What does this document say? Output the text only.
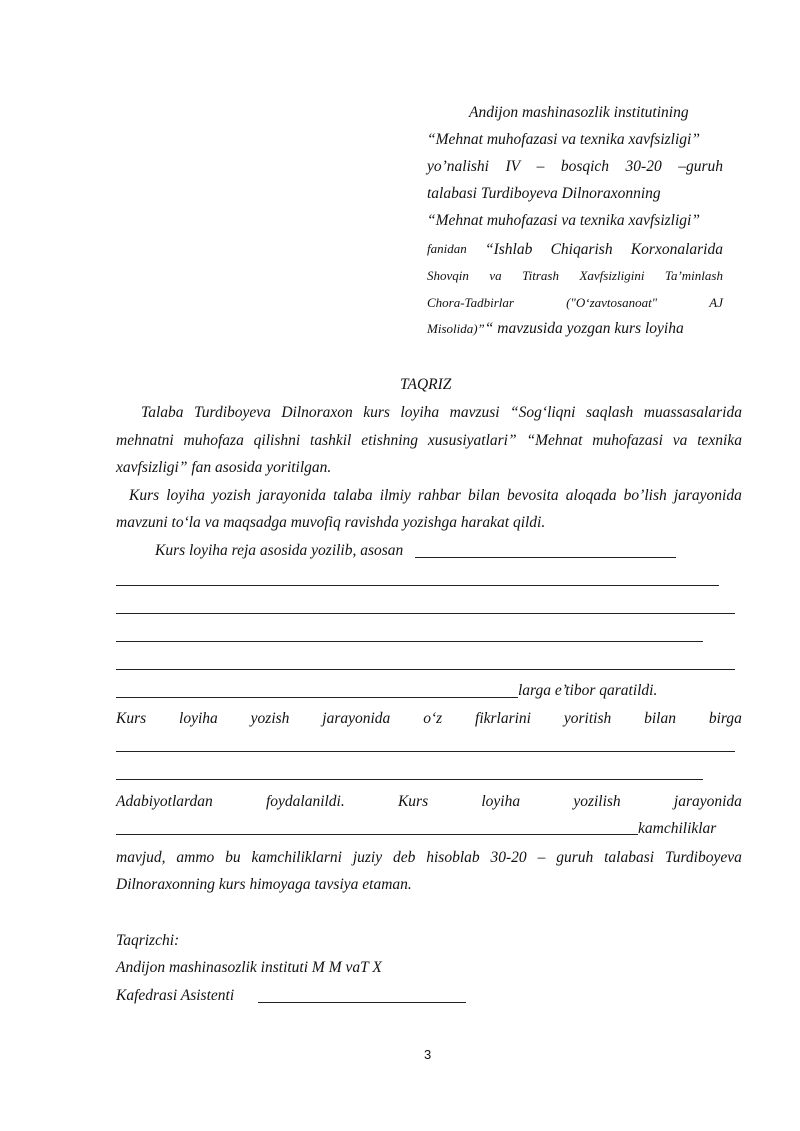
Andijon mashinasozlik institutining
“Mehnat muhofazasi va texnika xavfsizligi”
yo’nalishi IV – bosqich 30-20 –guruh
talabasi Turdiboyeva Dilnoraxonning
“Mehnat muhofazasi va texnika xavfsizligi”
fanidan “Ishlab Chiqarish Korxonalarida
Shovqin va Titrash Xavfsizligini Ta’minlash
Chora-Tadbirlar	("O‘zavtosanoat"	AJ
Misolida)”“ mavzusida yozgan kurs loyiha
TAQRIZ
Talaba Turdiboyeva Dilnoraxon kurs loyiha mavzusi “Sog‘liqni saqlash muassasalarida
mehnatni muhofaza qilishni tashkil etishning xususiyatlari” “Mehnat muhofazasi va texnika
xavfsizligi” fan asosida yoritilgan.
Kurs loyiha yozish jarayonida talaba ilmiy rahbar bilan bevosita aloqada bo’lish jarayonida
mavzuni to‘la va maqsadga muvofiq ravishda yozishga harakat qildi.
Kurs loyiha reja asosida yozilib, asosan
larga e’tibor qaratildi.
Kurs loyiha yozish jarayonida o‘z fikrlarini yoritish bilan birga
Adabiyotlardan	foydalanildi.	Kurs	loyiha	yozilish	jarayonida
kamchiliklar
mavjud, ammo bu kamchiliklarni juziy deb hisoblab 30-20 – guruh talabasi Turdiboyeva
Dilnoraxonning kurs himoyaga tavsiya etaman.
Taqrizchi:
Andijon mashinasozlik instituti M M vaT X
Kafedrasi Asistenti
3
